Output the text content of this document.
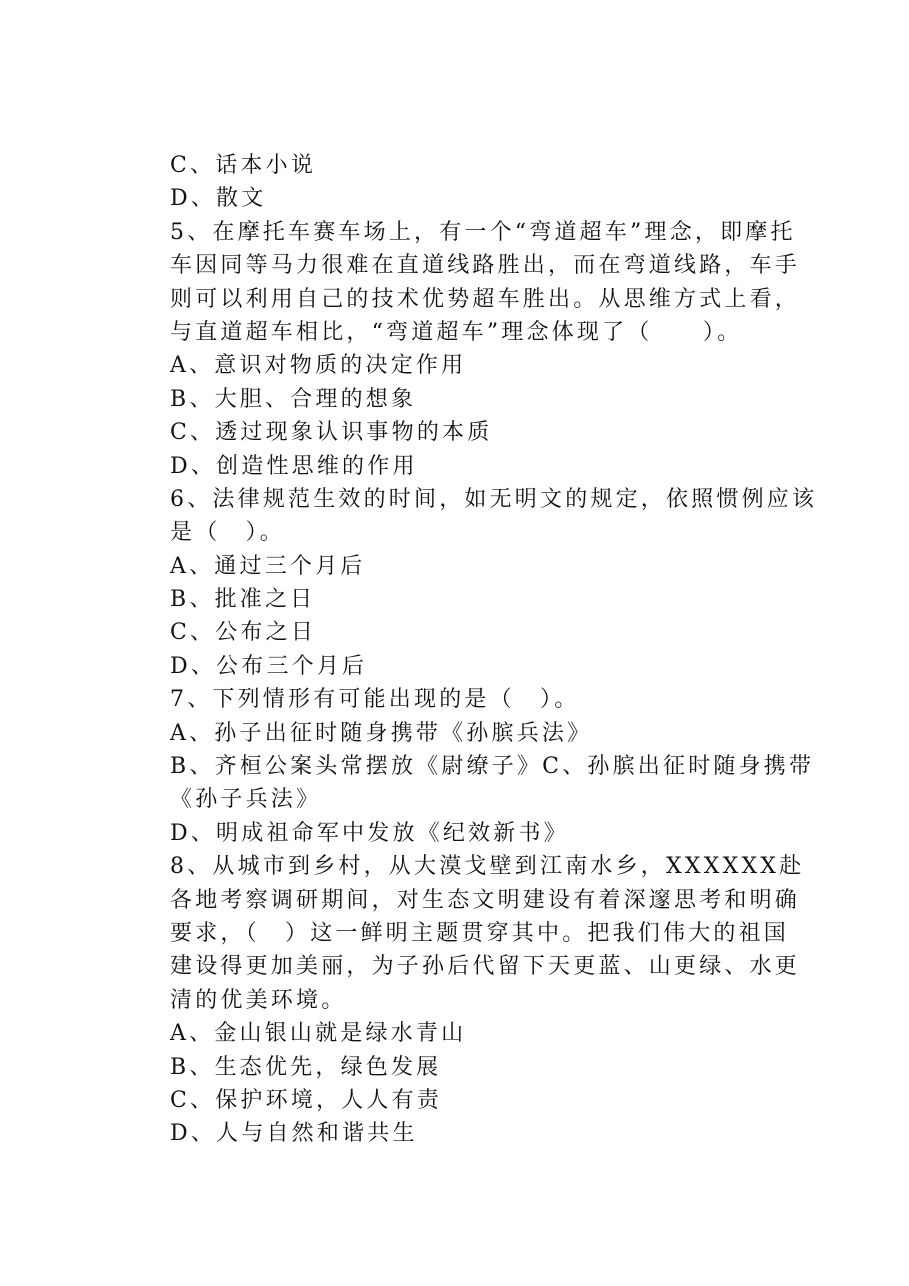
C、话本小说
D、散文
5、在摩托车赛车场上，有一个“弯道超车”理念，即摩托
车因同等马力很难在直道线路胜出，而在弯道线路，车手
则可以利用自己的技术优势超车胜出。从思维方式上看，
与直道超车相比，“弯道超车”理念体现了（　　）。
A、意识对物质的决定作用
B、大胆、合理的想象
C、透过现象认识事物的本质
D、创造性思维的作用
6、法律规范生效的时间，如无明文的规定，依照惯例应该
是（　）。
A、通过三个月后
B、批准之日
C、公布之日
D、公布三个月后
7、下列情形有可能出现的是（　）。
A、孙子出征时随身携带《孙膑兵法》
B、齐桓公案头常摆放《尉缭子》C、孙膑出征时随身携带
《孙子兵法》
D、明成祖命军中发放《纪效新书》
8、从城市到乡村，从大漠戈壁到江南水乡，XXXXXX赴
各地考察调研期间，对生态文明建设有着深邃思考和明确
要求，（　）这一鲜明主题贯穿其中。把我们伟大的祖国
建设得更加美丽，为子孙后代留下天更蓝、山更绿、水更
清的优美环境。
A、金山银山就是绿水青山
B、生态优先，绿色发展
C、保护环境，人人有责
D、人与自然和谐共生
